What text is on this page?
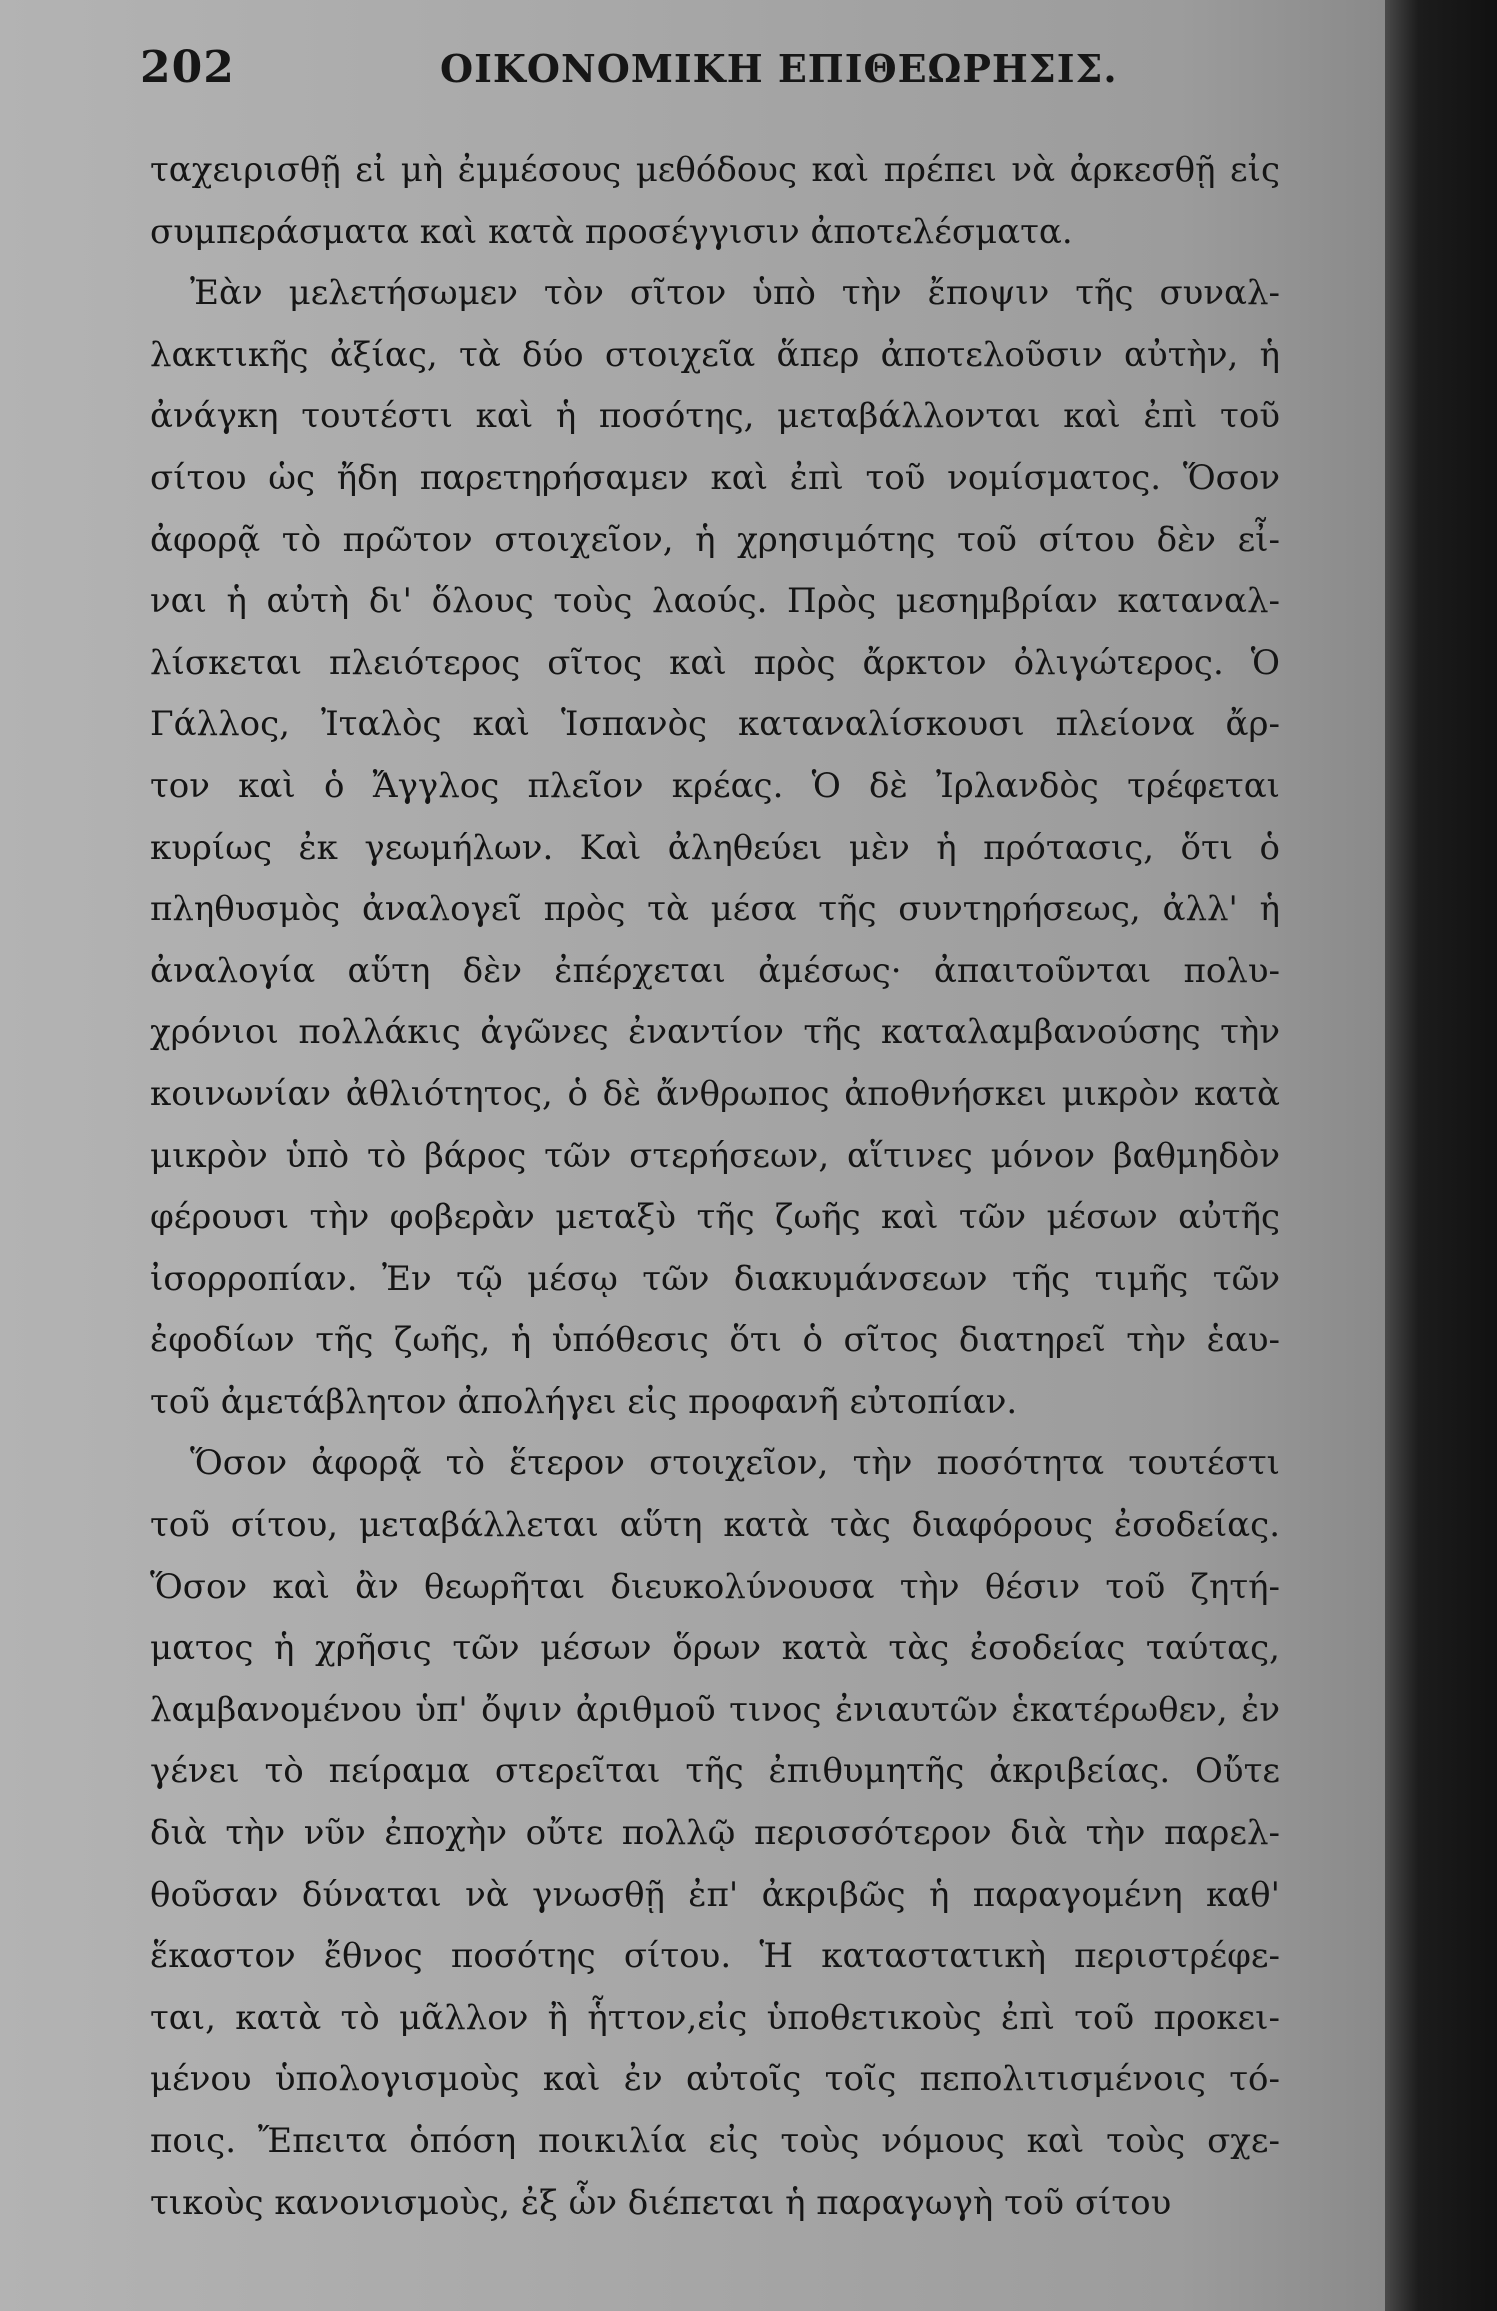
202	ΟΙΚΟΝΟΜΙΚΗ ΕΠΙΘΕΩΡΗΣΙΣ.
ταχειρισθῇ εἰ μὴ ἐμμέσους μεθόδους καὶ πρέπει νὰ ἀρκεσθῇ εἰς
συμπεράσματα καὶ κατὰ προσέγγισιν ἀποτελέσματα.
Ἐὰν μελετήσωμεν τὸν σῖτον ὑπὸ τὴν ἔποψιν τῆς συναλ-
λακτικῆς ἀξίας, τὰ δύο στοιχεῖα ἅπερ ἀποτελοῦσιν αὐτὴν, ἡ
ἀνάγκη τουτέστι καὶ ἡ ποσότης, μεταβάλλονται καὶ ἐπὶ τοῦ
σίτου ὡς ἤδη παρετηρήσαμεν καὶ ἐπὶ τοῦ νομίσματος. Ὅσον
ἀφορᾷ τὸ πρῶτον στοιχεῖον, ἡ χρησιμότης τοῦ σίτου δὲν εἶ-
ναι ἡ αὐτὴ δι' ὅλους τοὺς λαούς. Πρὸς μεσημβρίαν καταναλ-
λίσκεται πλειότερος σῖτος καὶ πρὸς ἄρκτον ὀλιγώτερος. Ὁ
Γάλλος, Ἰταλὸς καὶ Ἱσπανὸς καταναλίσκουσι πλείονα ἄρ-
τον καὶ ὁ Ἄγγλος πλεῖον κρέας. Ὁ δὲ Ἰρλανδὸς τρέφεται
κυρίως ἐκ γεωμήλων. Καὶ ἀληθεύει μὲν ἡ πρότασις, ὅτι ὁ
πληθυσμὸς ἀναλογεῖ πρὸς τὰ μέσα τῆς συντηρήσεως, ἀλλ' ἡ
ἀναλογία αὕτη δὲν ἐπέρχεται ἀμέσως· ἀπαιτοῦνται πολυ-
χρόνιοι πολλάκις ἀγῶνες ἐναντίον τῆς καταλαμβανούσης τὴν
κοινωνίαν ἀθλιότητος, ὁ δὲ ἄνθρωπος ἀποθνήσκει μικρὸν κατὰ
μικρὸν ὑπὸ τὸ βάρος τῶν στερήσεων, αἵτινες μόνον βαθμηδὸν
φέρουσι τὴν φοβερὰν μεταξὺ τῆς ζωῆς καὶ τῶν μέσων αὐτῆς
ἰσορροπίαν. Ἐν τῷ μέσῳ τῶν διακυμάνσεων τῆς τιμῆς τῶν
ἐφοδίων τῆς ζωῆς, ἡ ὑπόθεσις ὅτι ὁ σῖτος διατηρεῖ τὴν ἑαυ-
τοῦ ἀμετάβλητον ἀπολήγει εἰς προφανῆ εὐτοπίαν.
Ὅσον ἀφορᾷ τὸ ἕτερον στοιχεῖον, τὴν ποσότητα τουτέστι
τοῦ σίτου, μεταβάλλεται αὕτη κατὰ τὰς διαφόρους ἐσοδείας.
Ὅσον καὶ ἂν θεωρῆται διευκολύνουσα τὴν θέσιν τοῦ ζητή-
ματος ἡ χρῆσις τῶν μέσων ὅρων κατὰ τὰς ἐσοδείας ταύτας,
λαμβανομένου ὑπ' ὄψιν ἀριθμοῦ τινος ἐνιαυτῶν ἑκατέρωθεν, ἐν
γένει τὸ πείραμα στερεῖται τῆς ἐπιθυμητῆς ἀκριβείας. Οὔτε
διὰ τὴν νῦν ἐποχὴν οὔτε πολλῷ περισσότερον διὰ τὴν παρελ-
θοῦσαν δύναται νὰ γνωσθῇ ἐπ' ἀκριβῶς ἡ παραγομένη καθ'
ἕκαστον ἔθνος ποσότης σίτου. Ἡ καταστατικὴ περιστρέφε-
ται, κατὰ τὸ μᾶλλον ἢ ἧττον,εἰς ὑποθετικοὺς ἐπὶ τοῦ προκει-
μένου ὑπολογισμοὺς καὶ ἐν αὐτοῖς τοῖς πεπολιτισμένοις τό-
ποις. Ἔπειτα ὁπόση ποικιλία εἰς τοὺς νόμους καὶ τοὺς σχε-
τικοὺς κανονισμοὺς, ἐξ ὧν διέπεται ἡ παραγωγὴ τοῦ σίτου
